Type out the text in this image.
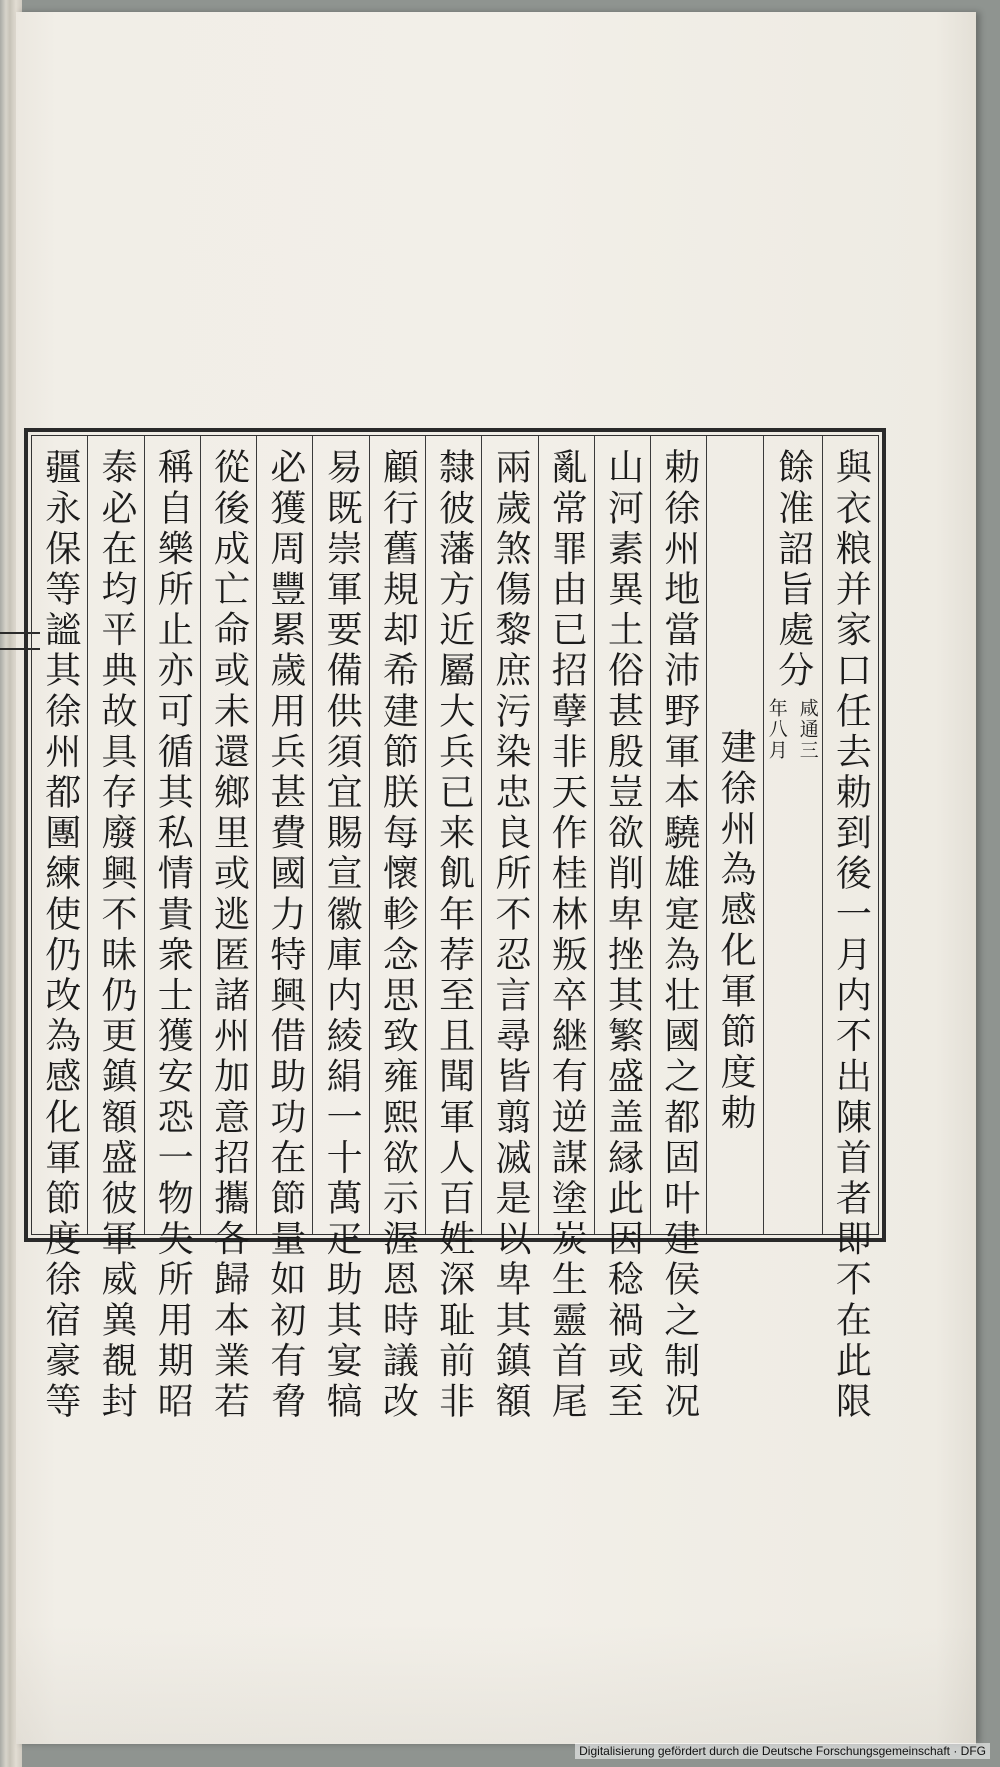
與衣粮并家口任去勅到後一月内不出陳首者即不在此限
餘准詔旨處分
咸通三
年八月
建徐州為感化軍節度勅
勅徐州地當沛野軍本驍雄寔為壮國之都固叶建侯之制况
山河素異土俗甚殷豈欲削卑挫其繁盛盖縁此因稔禍或至
亂常罪由已招孽非天作桂林叛卒継有逆謀塗炭生靈首尾
兩歲煞傷黎庶污染忠良所不忍言尋皆翦㓕是以卑其鎮額
隸彼藩方近屬大兵已来飢年荐至且聞軍人百姓深耻前非
顧行舊規却希建節朕每懷軫念思致雍熙欲示渥恩時議改
易既崇軍要備供須宜賜宣徽庫内綾絹一十萬疋助其宴犒
必獲周豐累歲用兵甚費國力特興借助功在節量如初有脅
從後成亡命或未還鄉里或逃匿諸州加意招攜各歸本業若
稱自樂所止亦可循其私情貴衆士獲安恐一物失所用期昭
泰必在均平典故具存廢興不昧仍更鎮額盛彼軍威兾覩封
疆永保等謐其徐州都團練使仍改為感化軍節度徐宿豪等
Digitalisierung gefördert durch die Deutsche Forschungsgemeinschaft · DFG
